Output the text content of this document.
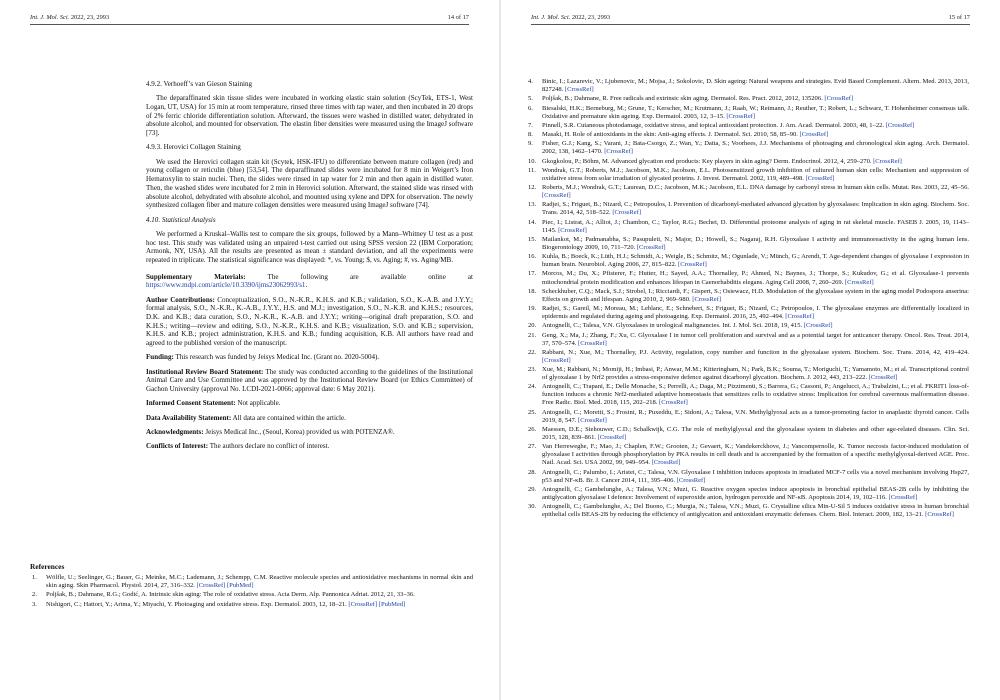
Int. J. Mol. Sci. 2022, 23, 2993	14 of 17

4.9.2. Verhoeff’s van Gieson Staining

The deparaffinated skin tissue slides were incubated in working elastic stain solution (ScyTek, ETS-1, West Logan, UT, USA) for 15 min at room temperature, rinsed three times with tap water, and then incubated in 20 drops of 2% ferric chloride differentiation solution. Afterward, the tissues were washed in distilled water, dehydrated in absolute alcohol, and mounted for observation. The elastin fiber densities were measured using the ImageJ software [73].

4.9.3. Herovici Collagen Staining

We used the Herovici collagen stain kit (Scytek, HSK-IFU) to differentiate between mature collagen (red) and young collagen or reticulin (blue) [53,54]. The deparaffinated slides were incubated for 8 min in Weigert’s Iron Hematoxylin to stain nuclei. Then, the slides were rinsed in tap water for 2 min and then again in distilled water. Then, the washed slides were incubated for 2 min in Herovici solution. Afterward, the stained slide was rinsed with absolute alcohol, dehydrated with absolute alcohol, and mounted using xylene and DPX for observation. The newly synthesized collagen fiber and mature collagen densities were measured using ImageJ software [74].

4.10. Statistical Analysis

We performed a Kruskal–Wallis test to compare the six groups, followed by a Mann–Whitney U test as a post hoc test. This study was validated using an unpaired t-test carried out using SPSS version 22 (IBM Corporation; Armonk, NY, USA). All the results are presented as mean ± standard deviation, and all the experiments were repeated in triplicate. The statistical significance was displayed: *, vs. Young; $, vs. Aging; #, vs. Aging/MB.

Supplementary Materials: The following are available online at https://www.mdpi.com/article/10.3390/ijms23062993/s1.

Author Contributions: Conceptualization, S.O., N.-K.R., K.H.S. and K.B.; validation, S.O., K.-A.B. and J.Y.Y.; formal analysis, S.O., N.-K.R., K.-A.B., J.Y.Y., H.S. and M.J.; investigation, S.O., N.-K.R. and K.H.S.; resources, D.K. and K.B.; data curation, S.O., N.-K.R., K.-A.B. and J.Y.Y.; writing—original draft preparation, S.O. and K.H.S.; writing—review and editing, S.O., N.-K.R., K.H.S. and K.B.; visualization, S.O. and K.B.; supervision, K.H.S. and K.B.; project administration, K.H.S. and K.B.; funding acquisition, K.B. All authors have read and agreed to the published version of the manuscript.

Funding: This research was funded by Jeisys Medical Inc. (Grant no. 2020-5004).

Institutional Review Board Statement: The study was conducted according to the guidelines of the Institutional Animal Care and Use Committee and was approved by the Institutional Review Board (or Ethics Committee) of Gachon University (approval No. LCDI-2021-0066; approval date: 6 May 2021).

Informed Consent Statement: Not applicable.

Data Availability Statement: All data are contained within the article.

Acknowledgments: Jeisys Medical Inc., (Seoul, Korea) provided us with POTENZA®.

Conflicts of Interest: The authors declare no conflict of interest.

References
1.	Wölfle, U.; Seelinger, G.; Bauer, G.; Meinke, M.C.; Lademann, J.; Schempp, C.M. Reactive molecule species and antioxidative mechanisms in normal skin and skin aging. Skin Pharmacol. Physiol. 2014, 27, 316–332. [CrossRef] [PubMed]
2.	Poljšak, B.; Dahmane, R.G.; Godić, A. Intrinsic skin aging: The role of oxidative stress. Acta Derm. Alp. Pannonica Adriat. 2012, 21, 33–36.
3.	Nishigori, C.; Hattori, Y.; Arima, Y.; Miyachi, Y. Photoaging and oxidative stress. Exp. Dermatol. 2003, 12, 18–21. [CrossRef] [PubMed]
Int. J. Mol. Sci. 2022, 23, 2993	15 of 17
4.	Binic, I.; Lazarevic, V.; Ljubenovic, M.; Mojsa, J.; Sokolovic, D. Skin ageing: Natural weapons and strategies. Evid Based Complement. Altern. Med. 2013, 2013, 827248. [CrossRef]
5.	Poljšak, B.; Dahmane, R. Free radicals and extrinsic skin aging. Dermatol. Res. Pract. 2012, 2012, 135206. [CrossRef]
6.	Biesalski, H.K.; Berneburg, M.; Grune, T.; Kerscher, M.; Krutmann, J.; Raab, W.; Reimann, J.; Reuther, T.; Robert, L.; Schwarz, T. Hohenheimer consensus talk. Oxidative and premature skin ageing. Exp. Dermatol. 2003, 12, 3–15. [CrossRef]
7.	Pinnell, S.R. Cutaneous photodamage, oxidative stress, and topical antioxidant protection. J. Am. Acad. Dermatol. 2003, 48, 1–22. [CrossRef]
8.	Masaki, H. Role of antioxidants in the skin: Anti-aging effects. J. Dermatol. Sci. 2010, 58, 85–90. [CrossRef]
9.	Fisher, G.J.; Kang, S.; Varani, J.; Bata-Csorgo, Z.; Wan, Y.; Datta, S.; Voorhees, J.J. Mechanisms of photoaging and chronological skin aging. Arch. Dermatol. 2002, 138, 1462–1470. [CrossRef]
10. Gkogkolou, P.; Böhm, M. Advanced glycation end products: Key players in skin aging? Derm. Endocrinol. 2012, 4, 259–270. [CrossRef]
11. Wondrak, G.T.; Roberts, M.J.; Jacobson, M.K.; Jacobson, E.L. Photosensitized growth inhibition of cultured human skin cells: Mechanism and suppression of oxidative stress from solar irradiation of glycated proteins. J. Invest. Dermatol. 2002, 119, 489–498. [CrossRef]
12. Roberts, M.J.; Wondrak, G.T.; Laurean, D.C.; Jacobson, M.K.; Jacobson, E.L. DNA damage by carbonyl stress in human skin cells. Mutat. Res. 2003, 22, 45–56. [CrossRef]
13. Radjei, S.; Friguet, B.; Nizard, C.; Petropoulos, I. Prevention of dicarbonyl-mediated advanced glycation by glyoxalases: Implication in skin aging. Biochem. Soc. Trans. 2014, 42, 518–522. [CrossRef]
14. Piec, I.; Listrat, A.; Alliot, J.; Chambon, C.; Taylor, R.G.; Bechet, D. Differential proteome analysis of aging in rat skeletal muscle. FASEB J. 2005, 19, 1143–1145. [CrossRef]
15. Mailankot, M.; Padmanabha, S.; Pasupuleti, N.; Major, D.; Howell, S.; Nagaraj, R.H. Glyoxalase I activity and immunoreactivity in the aging human lens. Biogerontology 2009, 10, 711–720. [CrossRef]
16. Kuhla, B.; Boeck, K.; Lüth, H.J.; Schmidt, A.; Weigle, B.; Schmitz, M.; Ogunlade, V.; Münch, G.; Arendt, T. Age-dependent changes of glyoxalase I expression in human brain. Neurobiol. Aging 2006, 27, 815–822. [CrossRef]
17. Morcos, M.; Du, X.; Pfisterer, F.; Hutter, H.; Sayed, A.A.; Thornalley, P.; Ahmed, N.; Baynes, J.; Thorpe, S.; Kukudov, G.; et al. Glyoxalase-1 prevents mitochondrial protein modification and enhances lifespan in Caenorhabditis elegans. Aging Cell 2008, 7, 260–269. [CrossRef]
18. Scheckhuber, C.Q.; Mack, S.J.; Strobel, I.; Ricciardi, F.; Gispert, S.; Osiewacz, H.D. Modulation of the glyoxalase system in the aging model Podospora anserina: Effects on growth and lifespan. Aging 2010, 2, 969–980. [CrossRef]
19. Radjei, S.; Gareil, M.; Moreau, M.; Leblanc, E.; Schnebert, S.; Friguet, B.; Nizard, C.; Petropoulos, I. The glyoxalase enzymes are differentially localized in epidermis and regulated during ageing and photoageing. Exp. Dermatol. 2016, 25, 492–494. [CrossRef]
20. Antognelli, C.; Talesa, V.N. Glyoxalases in urological malignancies. Int. J. Mol. Sci. 2018, 19, 415. [CrossRef]
21. Geng, X.; Ma, J.; Zhang, F.; Xu, C. Glyoxalase I in tumor cell proliferation and survival and as a potential target for anticancer therapy. Oncol. Res. Treat. 2014, 37, 570–574. [CrossRef]
22. Rabbani, N.; Xue, M.; Thornalley, P.J. Activity, regulation, copy number and function in the glyoxalase system. Biochem. Soc. Trans. 2014, 42, 419–424. [CrossRef]
23. Xue, M.; Rabbani, N.; Momiji, H.; Imbasi, P.; Anwar, M.M.; Kitteringham, N.; Park, B.K.; Souma, T.; Moriguchi, T.; Yamamoto, M.; et al. Transcriptional control of glyoxalase 1 by Nrf2 provides a stress-responsive defence against dicarbonyl glycation. Biochem. J. 2012, 443, 213–222. [CrossRef]
24. Antognelli, C.; Trapani, E.; Delle Monache, S.; Perrelli, A.; Daga, M.; Pizzimenti, S.; Barrera, G.; Cassoni, P.; Angelucci, A.; Trabalzini, L.; et al. FKRIT1 loss-of-function induces a chronic Nrf2-mediated adaptive homeostasis that sensitizes cells to oxidative stress: Implication for cerebral cavernous malformation disease. Free Radic. Biol. Med. 2018, 115, 202–218. [CrossRef]
25. Antognelli, C.; Moretti, S.; Frosini, R.; Puxeddu, E.; Sidoni, A.; Talesa, V.N. Methylglyoxal acts as a tumor-promoting factor in anaplastic thyroid cancer. Cells 2019, 8, 547. [CrossRef]
26. Maessen, D.E.; Stehouwer, C.D.; Schalkwijk, C.G. The role of methylglyoxal and the glyoxalase system in diabetes and other age-related diseases. Clin. Sci. 2015, 128, 839–861. [CrossRef]
27. Van Herreweghe, F.; Mao, J.; Chaplen, F.W.; Grooten, J.; Gevaert, K.; Vandekerckhove, J.; Vancompernolle, K. Tumor necrosis factor-induced modulation of glyoxalase I activities through phosphorylation by PKA results in cell death and is accompanied by the formation of a specific methylglyoxal-derived AGE. Proc. Natl. Acad. Sci. USA 2002, 99, 949–954. [CrossRef]
28. Antognelli, C.; Palumbo, I.; Aristei, C.; Talesa, V.N. Glyoxalase I inhibition induces apoptosis in irradiated MCF-7 cells via a novel mechanism involving Hsp27, p53 and NF-κB. Br. J. Cancer 2014, 111, 395–406. [CrossRef]
29. Antognelli, C.; Gambelunghe, A.; Talesa, V.N.; Muzi, G. Reactive oxygen species induce apoptosis in bronchial epithelial BEAS-2B cells by inhibiting the antiglycation glyoxalase I defence: Involvement of superoxide anion, hydrogen peroxide and NF-κB. Apoptosis 2014, 19, 102–116. [CrossRef]
30. Antognelli, C.; Gambelunghe, A.; Del Buono, C.; Murgia, N.; Talesa, V.N.; Muzi, G. Crystalline silica Min-U-Sil 5 induces oxidative stress in human bronchial epithelial cells BEAS-2B by reducing the efficiency of antiglycation and antioxidant enzymatic defenses. Chem. Biol. Interact. 2009, 182, 13–21. [CrossRef]
